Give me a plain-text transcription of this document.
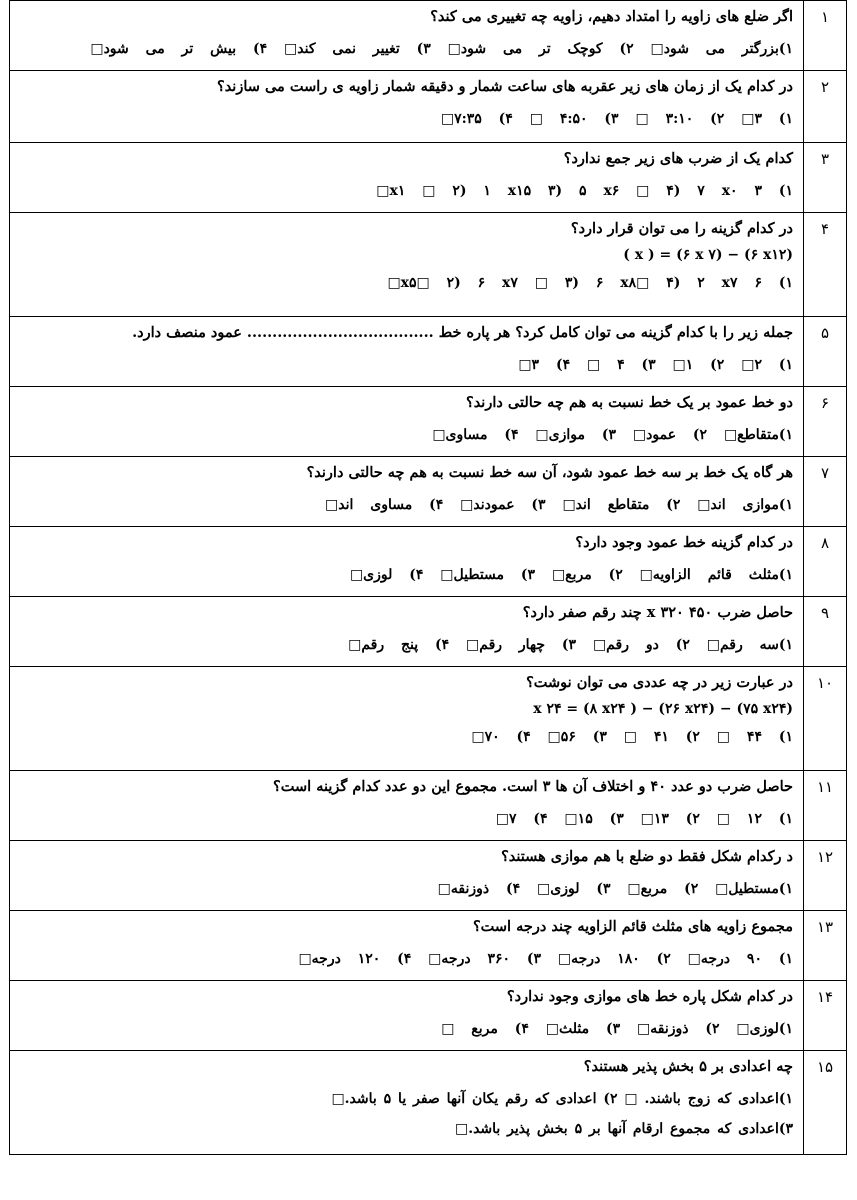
۱	اگر ضلع های زاویه را امتداد دهیم، زاویه چه تغییری می کند؟
۱)بزرگتر می شود□ ۲) کوچک تر می شود□ ۳) تغییر نمی کند□ ۴) بیش تر می شود□

۲	در کدام یک از زمان های زیر عقربه های ساعت شمار و دقیقه شمار زاویه ی راست می سازند؟
۱) ۳□ ۲) ۳:۱۰ □ ۳) ۴:۵۰ □ ۴) ۷:۳۵□

۳	کدام یک از ضرب های زیر جمع ندارد؟
۱) ۳ x۱ □ ۲) ۱ x۱۵ ۳) ۵ x۶ □ ۴) ۷ x۰□

۴	در کدام گزینه را می توان قرار دارد؟
( x ) = (۶ x ۷) − (۶ x۱۲)
۱) ۶ x۵□ ۲) ۶ x۷ □ ۳) ۶ x۸□ ۴) ۲ x۷□

۵	جمله زیر را با کدام گزینه می توان کامل کرد؟ هر پاره خط ..................................... عمود منصف دارد.
۱) ۲□ ۲) ۱□ ۳) ۴ □ ۴) ۳□

۶	دو خط عمود بر یک خط نسبت به هم چه حالتی دارند؟
۱)متقاطع□ ۲) عمود□ ۳) موازی□ ۴) مساوی□

۷	هر گاه یک خط بر سه خط عمود شود، آن سه خط نسبت به هم چه حالتی دارند؟
۱)موازی اند□ ۲) متقاطع اند□ ۳) عمودند□ ۴) مساوی اند□

۸	در کدام گزینه خط عمود وجود دارد؟
۱)مثلث قائم الزاویه□ ۲) مربع□ ۳) مستطیل□ ۴) لوزی□

۹	حاصل ضرب ۴۵۰ x ۳۲۰ چند رقم صفر دارد؟
۱)سه رقم□ ۲) دو رقم□ ۳) چهار رقم□ ۴) پنج رقم□

۱۰	در عبارت زیر در چه عددی می توان نوشت؟
x ۲۴ = (۸ x۲۴ ) − (۲۶ x۲۴) − (۷۵ x۲۴)
۱) ۴۴ □ ۲) ۴۱ □ ۳) ۵۶□ ۴) ۷۰□

۱۱	حاصل ضرب دو عدد ۴۰ و اختلاف آن ها ۳ است. مجموع این دو عدد کدام گزینه است؟
۱) ۱۲ □ ۲) ۱۳□ ۳) ۱۵□ ۴) ۷□

۱۲	د رکدام شکل فقط دو ضلع با هم موازی هستند؟
۱)مستطیل□ ۲) مربع□ ۳) لوزی□ ۴) ذوزنقه□

۱۳	مجموع زاویه های مثلث قائم الزاویه چند درجه است؟
۱) ۹۰ درجه□ ۲) ۱۸۰ درجه□ ۳) ۳۶۰ درجه□ ۴) ۱۲۰ درجه□

۱۴	در کدام شکل پاره خط های موازی وجود ندارد؟
۱)لوزی□ ۲) ذوزنقه□ ۳) مثلث□ ۴) مربع □

۱۵	چه اعدادی بر ۵ بخش پذیر هستند؟
۱)اعدادی که زوج باشند. □ ۲) اعدادی که رقم یکان آنها صفر یا ۵ باشد.□
۳)اعدادی که مجموع ارقام آنها بر ۵ بخش پذیر باشد.□
